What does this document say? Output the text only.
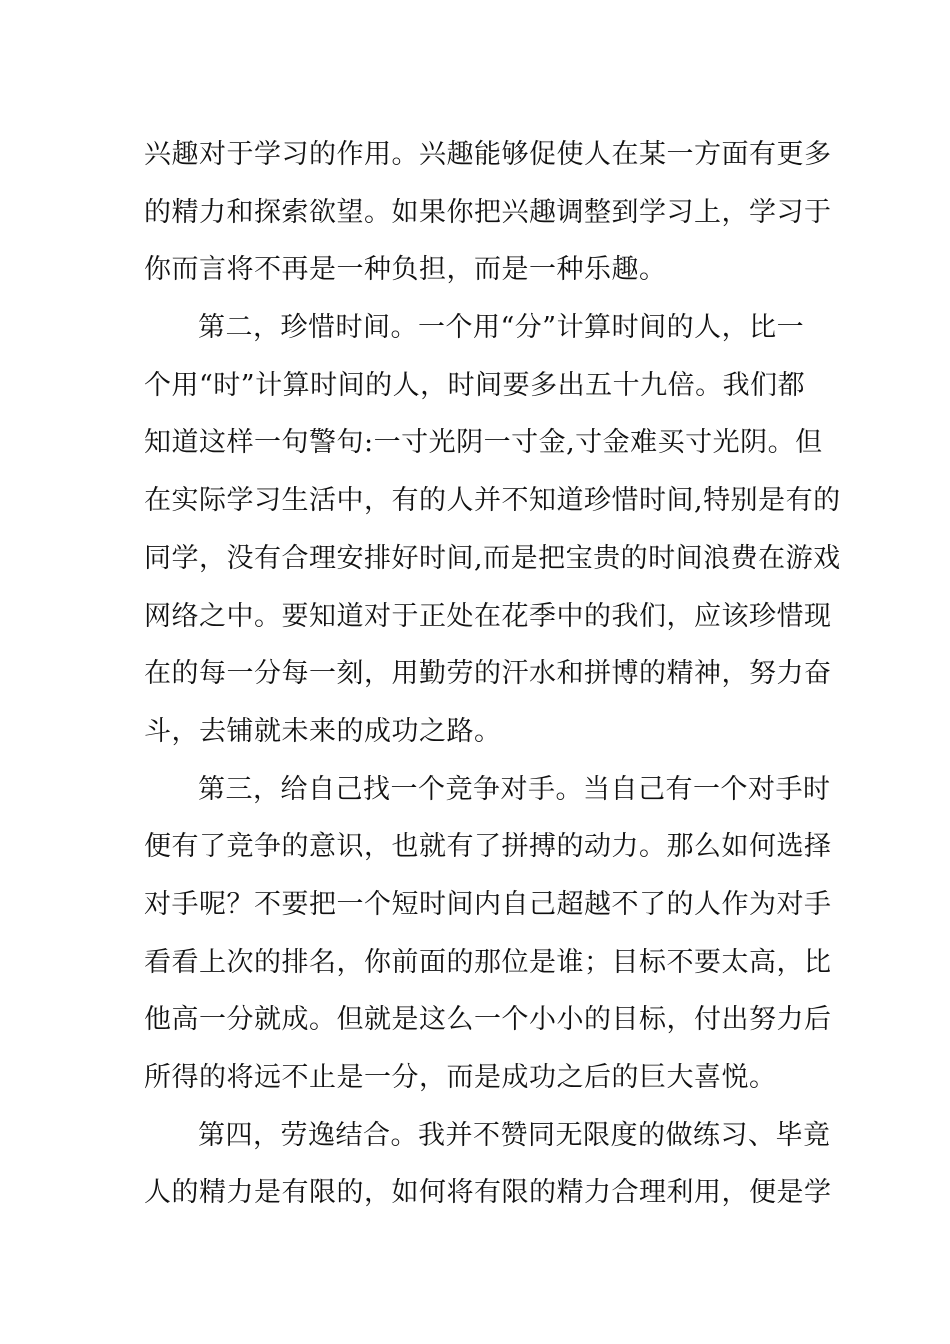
兴趣对于学习的作用。兴趣能够促使人在某一方面有更多
的精力和探索欲望。如果你把兴趣调整到学习上，学习于
你而言将不再是一种负担，而是一种乐趣。
第二，珍惜时间。一个用“分”计算时间的人，比一
个用“时”计算时间的人，时间要多出五十九倍。我们都
知道这样一句警句:一寸光阴一寸金,寸金难买寸光阴。但
在实际学习生活中，有的人并不知道珍惜时间,特别是有的
同学，没有合理安排好时间,而是把宝贵的时间浪费在游戏
网络之中。要知道对于正处在花季中的我们，应该珍惜现
在的每一分每一刻，用勤劳的汗水和拼博的精神，努力奋
斗，去铺就未来的成功之路。
第三，给自己找一个竞争对手。当自己有一个对手时
便有了竞争的意识，也就有了拼搏的动力。那么如何选择
对手呢？不要把一个短时间内自己超越不了的人作为对手
看看上次的排名，你前面的那位是谁；目标不要太高，比
他高一分就成。但就是这么一个小小的目标，付出努力后
所得的将远不止是一分，而是成功之后的巨大喜悦。
第四，劳逸结合。我并不赞同无限度的做练习、毕竟
人的精力是有限的，如何将有限的精力合理利用，便是学
